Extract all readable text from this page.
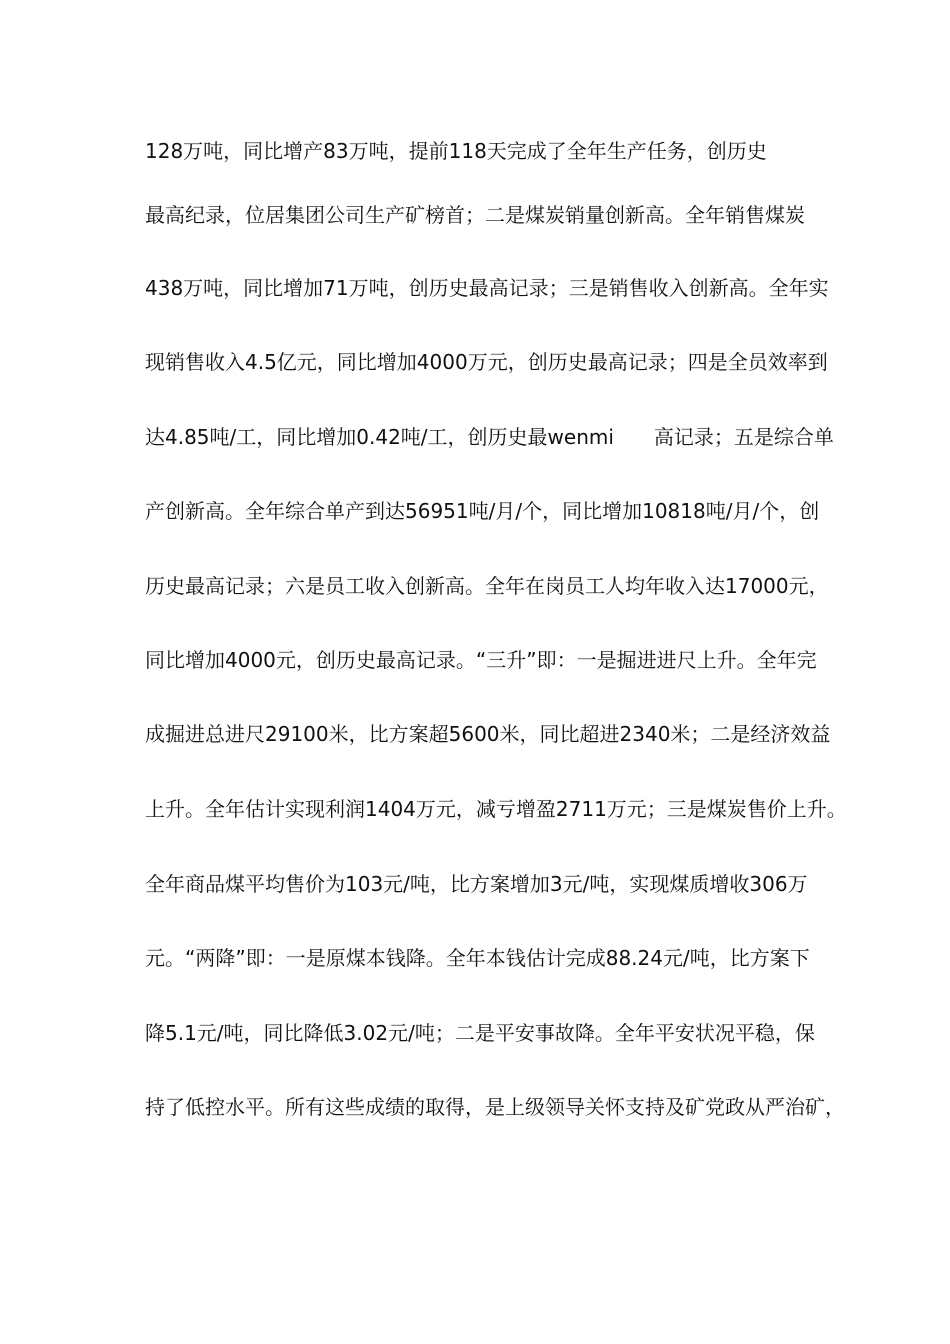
128万吨，同比增产83万吨，提前118天完成了全年生产任务，创历史
最高纪录，位居集团公司生产矿榜首；二是煤炭销量创新高。全年销售煤炭
438万吨，同比增加71万吨，创历史最高记录；三是销售收入创新高。全年实
现销售收入4.5亿元，同比增加4000万元，创历史最高记录；四是全员效率到
达4.85吨/工，同比增加0.42吨/工，创历史最wenmi 高记录；五是综合单
产创新高。全年综合单产到达56951吨/月/个，同比增加10818吨/月/个，创
历史最高记录；六是员工收入创新高。全年在岗员工人均年收入达17000元，
同比增加4000元，创历史最高记录。“三升”即：一是掘进进尺上升。全年完
成掘进总进尺29100米，比方案超5600米，同比超进2340米；二是经济效益
上升。全年估计实现利润1404万元，减亏增盈2711万元；三是煤炭售价上升。
全年商品煤平均售价为103元/吨，比方案增加3元/吨，实现煤质增收306万
元。“两降”即：一是原煤本钱降。全年本钱估计完成88.24元/吨，比方案下
降5.1元/吨，同比降低3.02元/吨；二是平安事故降。全年平安状况平稳，保
持了低控水平。所有这些成绩的取得，是上级领导关怀支持及矿党政从严治矿，
